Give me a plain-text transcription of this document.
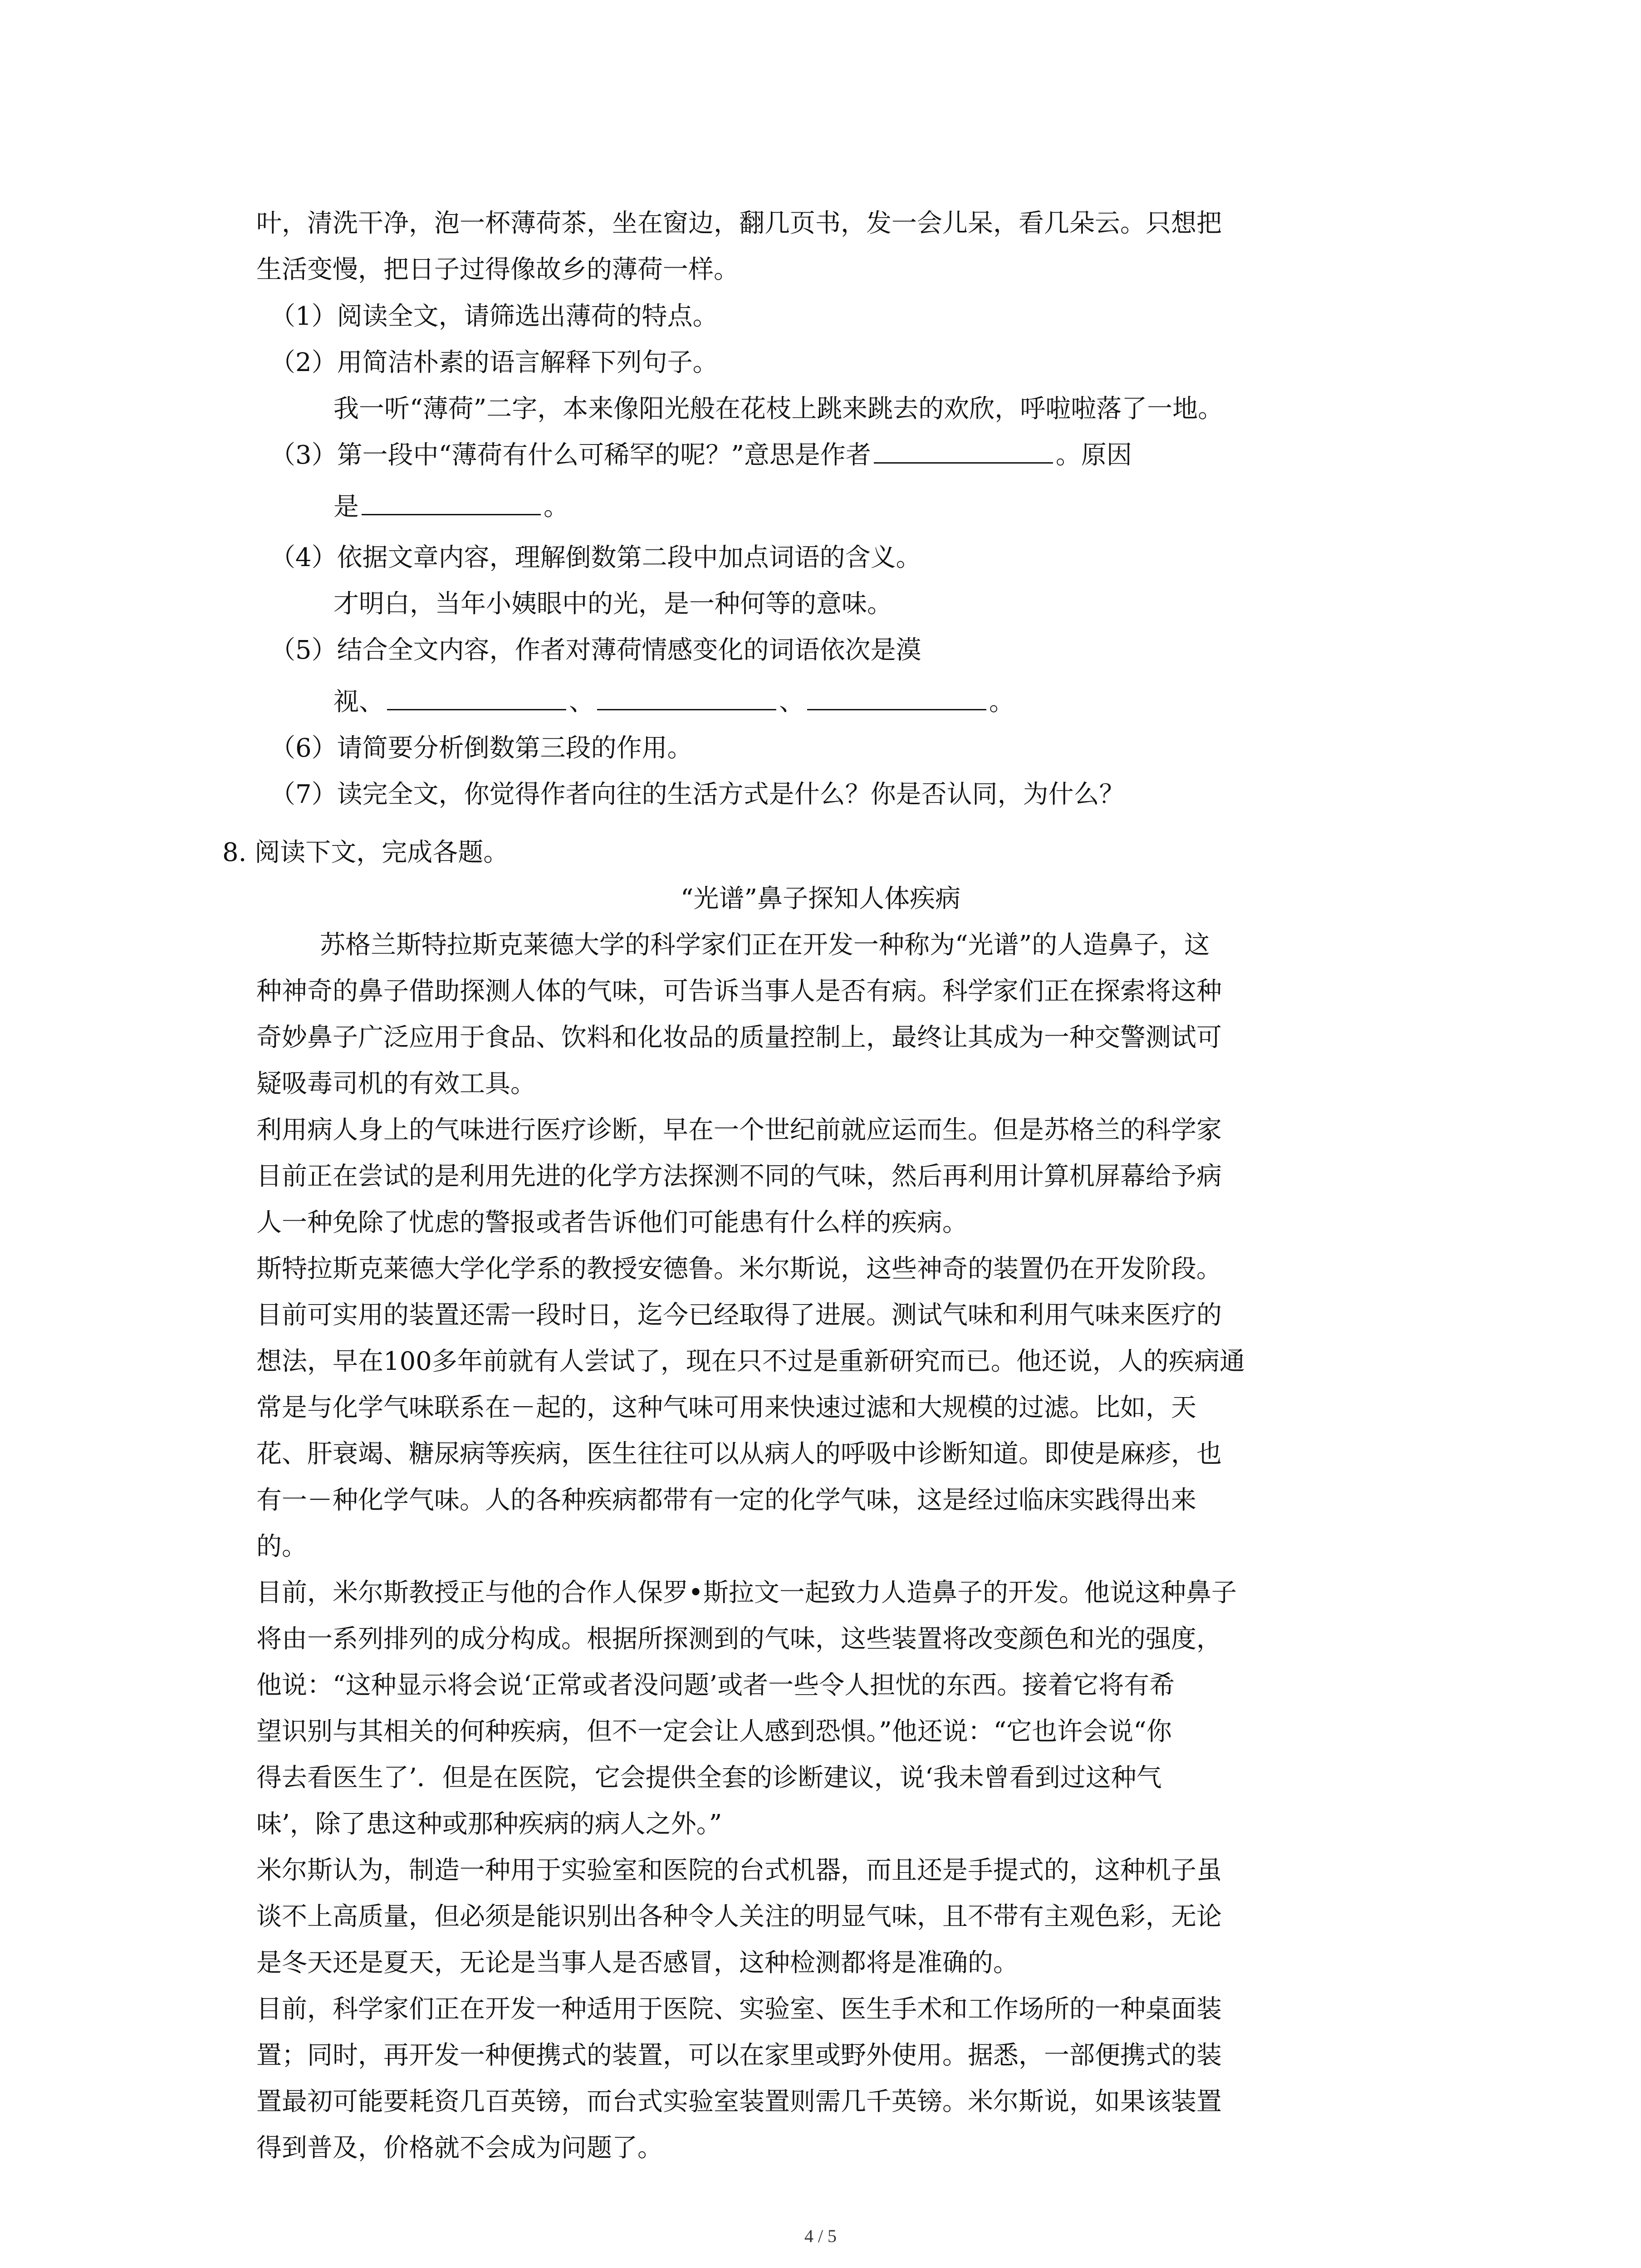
叶，清洗干净，泡一杯薄荷茶，坐在窗边，翻几页书，发一会儿呆，看几朵云。只想把
生活变慢，把日子过得像故乡的薄荷一样。
（1）阅读全文，请筛选出薄荷的特点。
（2）用简洁朴素的语言解释下列句子。
我一听“薄荷”二字，本来像阳光般在花枝上跳来跳去的欢欣，呼啦啦落了一地。
（3）第一段中“薄荷有什么可稀罕的呢？”意思是作者	。原因
是	。
（4）依据文章内容，理解倒数第二段中加点词语的含义。
才明白，当年小姨眼中的光，是一种何等的意味。
（5）结合全文内容，作者对薄荷情感变化的词语依次是漠
视、	、	、	。
（6）请简要分析倒数第三段的作用。
（7）读完全文，你觉得作者向往的生活方式是什么？你是否认同，为什么？
8. 阅读下文，完成各题。
“光谱”鼻子探知人体疾病
苏格兰斯特拉斯克莱德大学的科学家们正在开发一种称为“光谱”的人造鼻子，这
种神奇的鼻子借助探测人体的气味，可告诉当事人是否有病。科学家们正在探索将这种
奇妙鼻子广泛应用于食品、饮料和化妆品的质量控制上，最终让其成为一种交警测试可
疑吸毒司机的有效工具。
利用病人身上的气味进行医疗诊断，早在一个世纪前就应运而生。但是苏格兰的科学家
目前正在尝试的是利用先进的化学方法探测不同的气味，然后再利用计算机屏幕给予病
人一种免除了忧虑的警报或者告诉他们可能患有什么样的疾病。
斯特拉斯克莱德大学化学系的教授安德鲁。米尔斯说，这些神奇的装置仍在开发阶段。
目前可实用的装置还需一段时日，迄今已经取得了进展。测试气味和利用气味来医疗的
想法，早在100多年前就有人尝试了，现在只不过是重新研究而已。他还说，人的疾病通
常是与化学气味联系在－起的，这种气味可用来快速过滤和大规模的过滤。比如，天
花、肝衰竭、糖尿病等疾病，医生往往可以从病人的呼吸中诊断知道。即使是麻疹，也
有一－种化学气味。人的各种疾病都带有一定的化学气味，这是经过临床实践得出来
的。
目前，米尔斯教授正与他的合作人保罗•斯拉文一起致力人造鼻子的开发。他说这种鼻子
将由一系列排列的成分构成。根据所探测到的气味，这些装置将改变颜色和光的强度，
他说：“这种显示将会说‘正常或者没问题’或者一些令人担忧的东西。接着它将有希
望识别与其相关的何种疾病，但不一定会让人感到恐惧。”他还说：“它也许会说“你
得去看医生了’．但是在医院，它会提供全套的诊断建议，说‘我未曾看到过这种气
味’，除了患这种或那种疾病的病人之外。”
米尔斯认为，制造一种用于实验室和医院的台式机器，而且还是手提式的，这种机子虽
谈不上高质量，但必须是能识别出各种令人关注的明显气味，且不带有主观色彩，无论
是冬天还是夏天，无论是当事人是否感冒，这种检测都将是准确的。
目前，科学家们正在开发一种适用于医院、实验室、医生手术和工作场所的一种桌面装
置；同时，再开发一种便携式的装置，可以在家里或野外使用。据悉，一部便携式的装
置最初可能要耗资几百英镑，而台式实验室装置则需几千英镑。米尔斯说，如果该装置
得到普及，价格就不会成为问题了。
4 / 5
